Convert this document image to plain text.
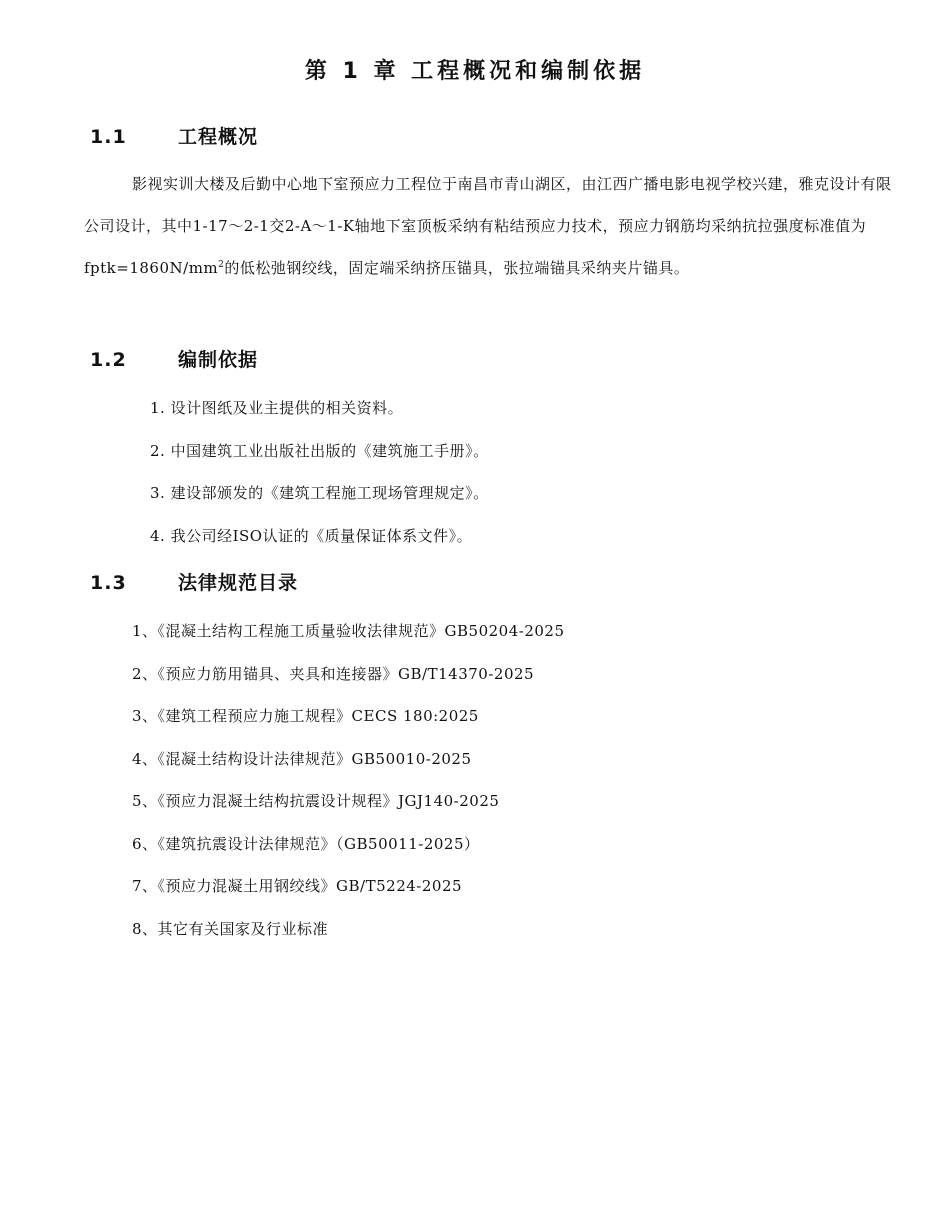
第 1 章 工程概况和编制依据
1.1	工程概况
影视实训大楼及后勤中心地下室预应力工程位于南昌市青山湖区，由江西广播电影电视学校兴建，雅克设计有限公司设计，其中1-17～2-1交2-A～1-K轴地下室顶板采纳有粘结预应力技术，预应力钢筋均采纳抗拉强度标准值为$fptk=1860N/mm^2$的低松弛钢绞线，固定端采纳挤压锚具，张拉端锚具采纳夹片锚具。
1.2	编制依据
1. 设计图纸及业主提供的相关资料。
2. 中国建筑工业出版社出版的《建筑施工手册》。
3. 建设部颁发的《建筑工程施工现场管理规定》。
4. 我公司经ISO认证的《质量保证体系文件》。
1.3	法律规范目录
1、《混凝土结构工程施工质量验收法律规范》GB50204-2025
2、《预应力筋用锚具、夹具和连接器》GB/T14370-2025
3、《建筑工程预应力施工规程》CECS 180:2025
4、《混凝土结构设计法律规范》GB50010-2025
5、《预应力混凝土结构抗震设计规程》JGJ140-2025
6、《建筑抗震设计法律规范》（GB50011-2025）
7、《预应力混凝土用钢绞线》GB/T5224-2025
8、其它有关国家及行业标准
